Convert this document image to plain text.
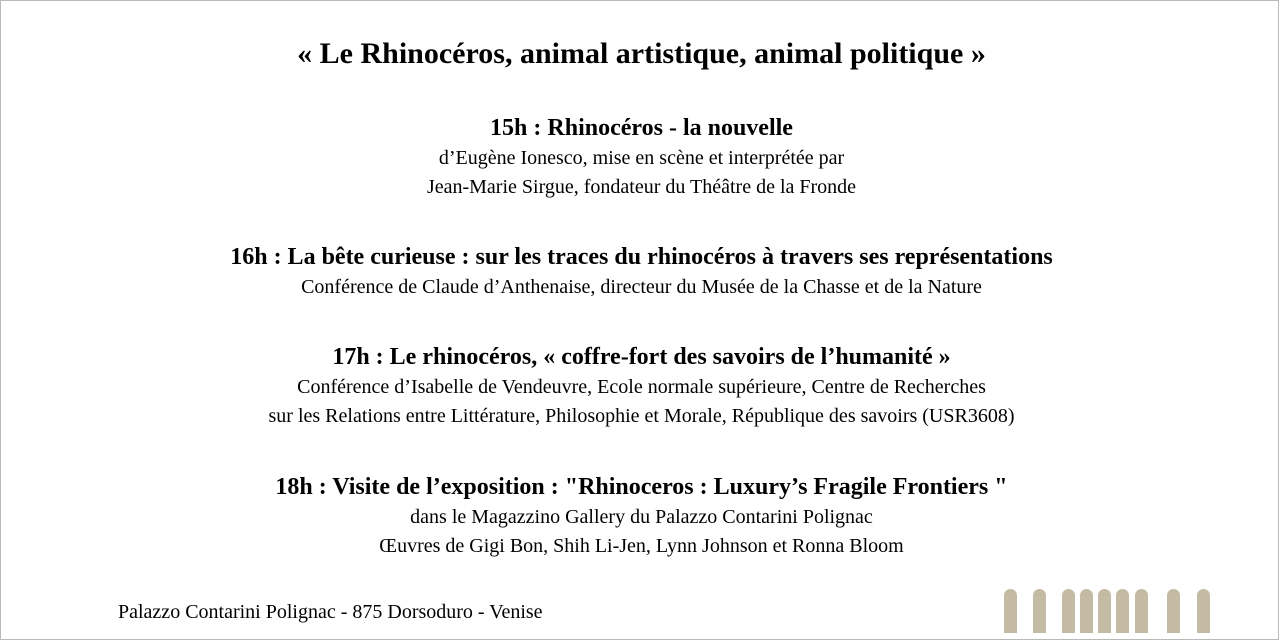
« Le Rhinocéros, animal artistique, animal politique »
15h : Rhinocéros - la nouvelle
d’Eugène Ionesco, mise en scène et interprétée par
Jean-Marie Sirgue, fondateur du Théâtre de la Fronde
16h : La bête curieuse : sur les traces du rhinocéros à travers ses représentations
Conférence de Claude d’Anthenaise, directeur du Musée de la Chasse et de la Nature
17h : Le rhinocéros, « coffre-fort des savoirs de l’humanité »
Conférence d’Isabelle de Vendeuvre, Ecole normale supérieure, Centre de Recherches
sur les Relations entre Littérature, Philosophie et Morale, République des savoirs (USR3608)
18h : Visite de l’exposition : "Rhinoceros : Luxury’s Fragile Frontiers "
dans le Magazzino Gallery du Palazzo Contarini Polignac
Œuvres de Gigi Bon, Shih Li-Jen, Lynn Johnson et Ronna Bloom
Palazzo Contarini Polignac - 875 Dorsoduro - Venise
